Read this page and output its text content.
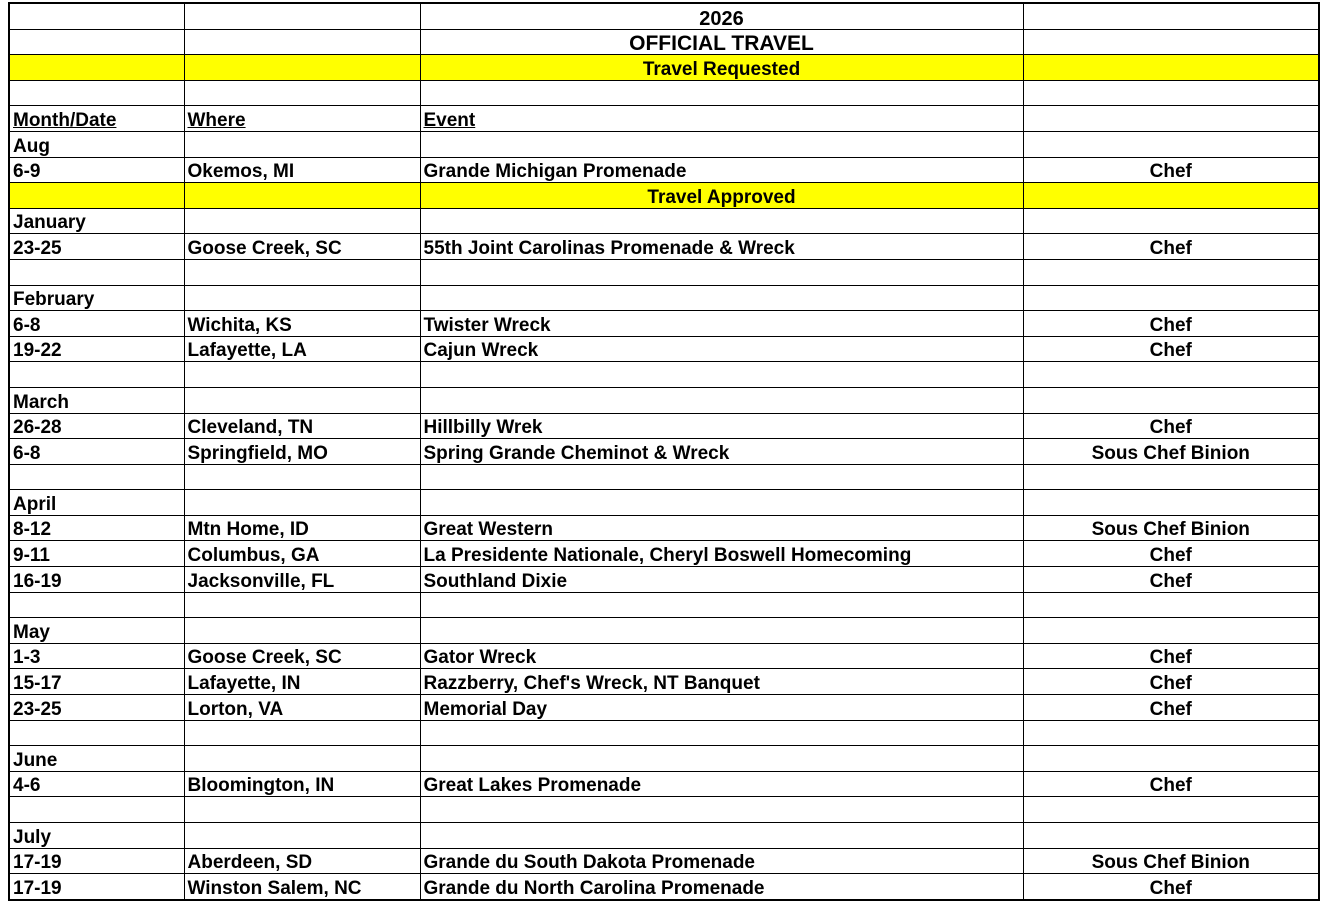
		2026	
		OFFICIAL TRAVEL	
		Travel Requested	

Month/Date	Where	Event	
Aug			
6-9	Okemos, MI	Grande Michigan Promenade	Chef
		Travel Approved	
January			
23-25	Goose Creek, SC	55th Joint Carolinas Promenade & Wreck	Chef

February			
6-8	Wichita, KS	Twister Wreck	Chef
19-22	Lafayette, LA	Cajun Wreck	Chef

March			
26-28	Cleveland, TN	Hillbilly Wrek	Chef
6-8	Springfield, MO	Spring Grande Cheminot & Wreck	Sous Chef Binion

April			
8-12	Mtn Home, ID	Great Western	Sous Chef Binion
9-11	Columbus, GA	La Presidente Nationale, Cheryl Boswell Homecoming	Chef
16-19	Jacksonville, FL	Southland Dixie	Chef

May			
1-3	Goose Creek, SC	Gator Wreck	Chef
15-17	Lafayette, IN	Razzberry, Chef's Wreck, NT Banquet	Chef
23-25	Lorton, VA	Memorial Day	Chef

June			
4-6	Bloomington, IN	Great Lakes Promenade	Chef

July			
17-19	Aberdeen, SD	Grande du South Dakota Promenade	Sous Chef Binion
17-19	Winston Salem, NC	Grande du North Carolina Promenade	Chef
